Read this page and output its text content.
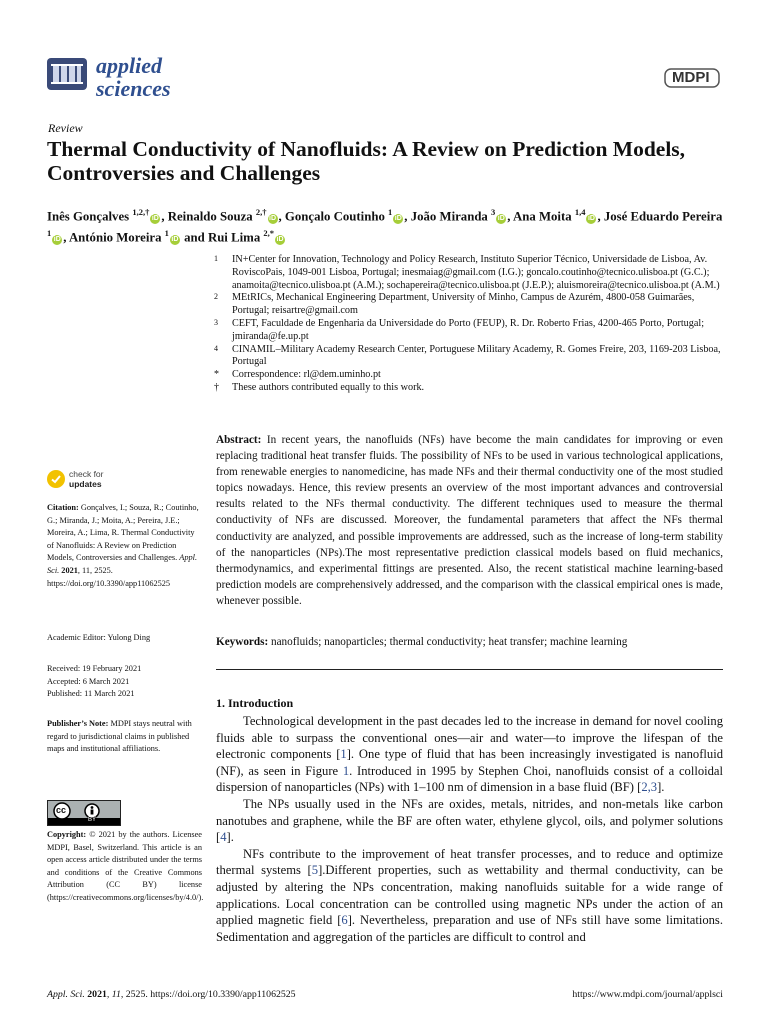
applied
sciences	MDPI
Review
Thermal Conductivity of Nanofluids: A Review on Prediction Models, Controversies and Challenges
Inês Gonçalves $^{1,2,\dagger}$iD , Reinaldo Souza $^{2,\dagger}$iD , Gonçalo Coutinho $^1$iD , João Miranda $^3$iD , Ana Moita $^{1,4}$iD , José Eduardo Pereira $^1$iD , António Moreira $^1$iD and Rui Lima $^{2,*}$iD
1 IN+Center for Innovation, Technology and Policy Research, Instituto Superior Técnico, Universidade de Lisboa, Av. RoviscoPais, 1049-001 Lisboa, Portugal; inesmaiag@gmail.com (I.G.); goncalo.coutinho@tecnico.ulisboa.pt (G.C.); anamoita@tecnico.ulisboa.pt (A.M.); sochapereira@tecnico.ulisboa.pt (J.E.P.); aluismoreira@tecnico.ulisboa.pt (A.M.)
2 MEtRICs, Mechanical Engineering Department, University of Minho, Campus de Azurém, 4800-058 Guimarães, Portugal; reisartre@gmail.com
3 CEFT, Faculdade de Engenharia da Universidade do Porto (FEUP), R. Dr. Roberto Frias, 4200-465 Porto, Portugal; jmiranda@fe.up.pt
4 CINAMIL–Military Academy Research Center, Portuguese Military Academy, R. Gomes Freire, 203, 1169-203 Lisboa, Portugal
* Correspondence: rl@dem.uminho.pt
† These authors contributed equally to this work.
Abstract: In recent years, the nanofluids (NFs) have become the main candidates for improving or even replacing traditional heat transfer fluids. The possibility of NFs to be used in various technological applications, from renewable energies to nanomedicine, has made NFs and their thermal conductivity one of the most studied topics nowadays. Hence, this review presents an overview of the most important advances and controversial results related to the NFs thermal conductivity. The different techniques used to measure the thermal conductivity of NFs are discussed. Moreover, the fundamental parameters that affect the NFs thermal conductivity are analyzed, and possible improvements are addressed, such as the increase of long-term stability of the nanoparticles (NPs).The most representative prediction classical models based on fluid mechanics, thermodynamics, and experimental fittings are presented. Also, the recent statistical machine learning-based prediction models are comprehensively addressed, and the comparison with the classical empirical ones is made, whenever possible.
Keywords: nanofluids; nanoparticles; thermal conductivity; heat transfer; machine learning
check for
updates
Citation: Gonçalves, I.; Souza, R.; Coutinho, G.; Miranda, J.; Moita, A.; Pereira, J.E.; Moreira, A.; Lima, R. Thermal Conductivity of Nanofluids: A Review on Prediction Models, Controversies and Challenges. Appl. Sci. 2021, 11, 2525. https://doi.org/10.3390/app11062525
Academic Editor: Yulong Ding
Received: 19 February 2021
Accepted: 6 March 2021
Published: 11 March 2021
Publisher’s Note: MDPI stays neutral with regard to jurisdictional claims in published maps and institutional affiliations.
cc
BY
Copyright: © 2021 by the authors. Licensee MDPI, Basel, Switzerland. This article is an open access article distributed under the terms and conditions of the Creative Commons Attribution (CC BY) license (https://creativecommons.org/licenses/by/4.0/).
1. Introduction

Technological development in the past decades led to the increase in demand for novel cooling fluids able to surpass the conventional ones—air and water—to improve the lifespan of the electronic components [1]. One type of fluid that has been increasingly investigated is nanofluid (NF), as seen in Figure 1. Introduced in 1995 by Stephen Choi, nanofluids consist of a colloidal dispersion of nanoparticles (NPs) with 1–100 nm of dimension in a base fluid (BF) [2,3].

The NPs usually used in the NFs are oxides, metals, nitrides, and non-metals like carbon nanotubes and graphene, while the BF are often water, ethylene glycol, oils, and polymer solutions [4].

NFs contribute to the improvement of heat transfer processes, and to reduce and optimize thermal systems [5].Different properties, such as wettability and thermal conductivity, can be adjusted by altering the NPs concentration, making nanofluids suitable for a wide range of applications. Local concentration can be controlled using magnetic NPs under the action of an applied magnetic field [6]. Nevertheless, preparation and use of NFs still have some limitations. Sedimentation and aggregation of the particles are difficult to control and

Appl. Sci. 2021, 11, 2525. https://doi.org/10.3390/app11062525	https://www.mdpi.com/journal/applsci
